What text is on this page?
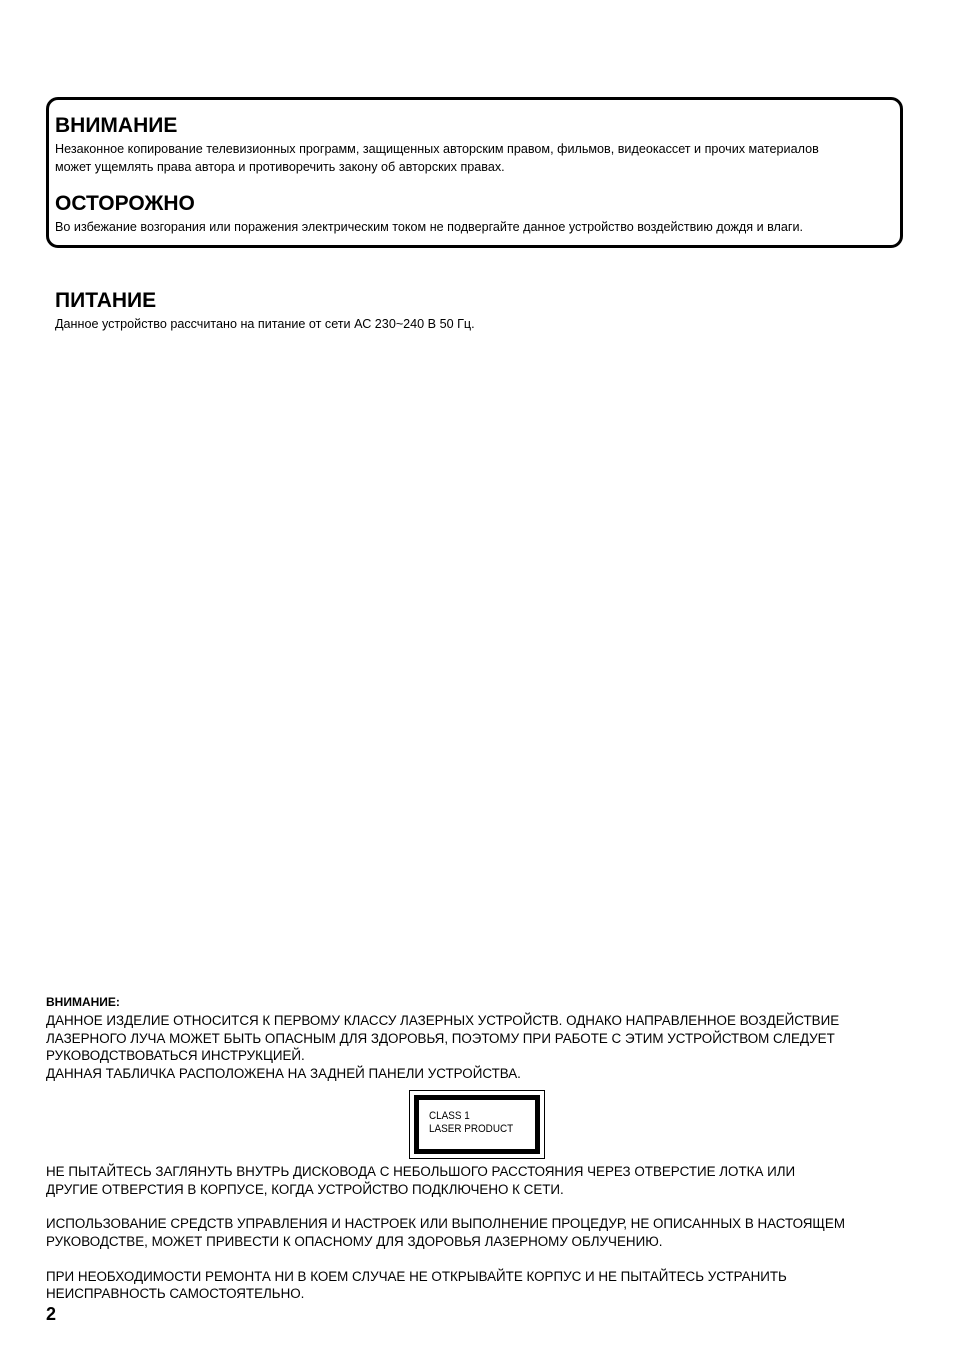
ВНИМАНИЕ

Незаконное копирование телевизионных программ, защищенных авторским правом, фильмов, видеокассет и прочих материалов

может ущемлять права автора и противоречить закону об авторских правах.

ОСТОРОЖНО

Во избежание возгорания или поражения электрическим током не подвергайте данное устройство воздействию дождя и влаги.

ПИТАНИЕ

Данное устройство рассчитано на питание от сети АС 230~240 В 50 Гц.

ВНИМАНИЕ:

ДАННОЕ ИЗДЕЛИЕ ОТНОСИТСЯ К ПЕРВОМУ КЛАССУ ЛАЗЕРНЫХ УСТРОЙСТВ. ОДНАКО НАПРАВЛЕННОЕ ВОЗДЕЙСТВИЕ

ЛАЗЕРНОГО ЛУЧА МОЖЕТ БЫТЬ ОПАСНЫМ ДЛЯ ЗДОРОВЬЯ, ПОЭТОМУ ПРИ РАБОТЕ С ЭТИМ УСТРОЙСТВОМ СЛЕДУЕТ

РУКОВОДСТВОВАТЬСЯ ИНСТРУКЦИЕЙ.

ДАННАЯ ТАБЛИЧКА РАСПОЛОЖЕНА НА ЗАДНЕЙ ПАНЕЛИ УСТРОЙСТВА.

CLASS 1
LASER PRODUCT

НЕ ПЫТАЙТЕСЬ ЗАГЛЯНУТЬ ВНУТРЬ ДИСКОВОДА С НЕБОЛЬШОГО РАССТОЯНИЯ ЧЕРЕЗ ОТВЕРСТИЕ ЛОТКА ИЛИ

ДРУГИЕ ОТВЕРСТИЯ В КОРПУСЕ, КОГДА УСТРОЙСТВО ПОДКЛЮЧЕНО К СЕТИ.

ИСПОЛЬЗОВАНИЕ СРЕДСТВ УПРАВЛЕНИЯ И НАСТРОЕК ИЛИ ВЫПОЛНЕНИЕ ПРОЦЕДУР, НЕ ОПИСАННЫХ В НАСТОЯЩЕМ

РУКОВОДСТВЕ, МОЖЕТ ПРИВЕСТИ К ОПАСНОМУ ДЛЯ ЗДОРОВЬЯ ЛАЗЕРНОМУ ОБЛУЧЕНИЮ.

ПРИ НЕОБХОДИМОСТИ РЕМОНТА НИ В КОЕМ СЛУЧАЕ НЕ ОТКРЫВАЙТЕ КОРПУС И НЕ ПЫТАЙТЕСЬ УСТРАНИТЬ

НЕИСПРАВНОСТЬ САМОСТОЯТЕЛЬНО.

2
